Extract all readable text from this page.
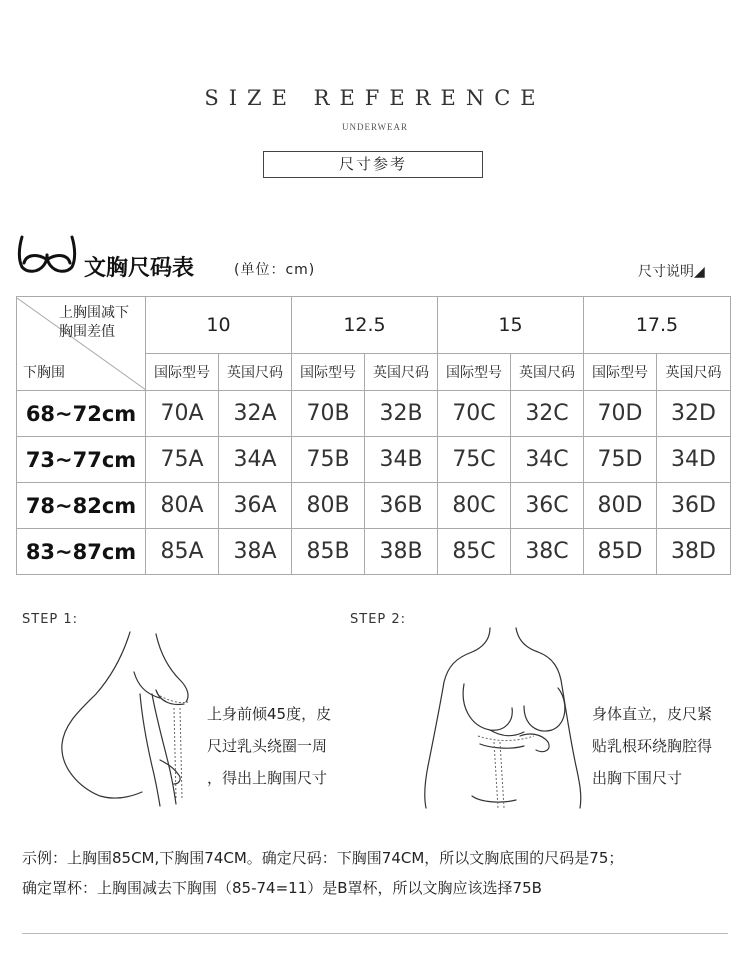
SIZE REFERENCE
UNDERWEAR
尺寸参考
文胸尺码表	(单位：cm)	尺寸说明◢
上胸围减下胸围差值
下胸围	10		12.5		15		17.5	
	国际型号	英国尺码	国际型号	英国尺码	国际型号	英国尺码	国际型号	英国尺码
68~72cm	70A	32A	70B	32B	70C	32C	70D	32D
73~77cm	75A	34A	75B	34B	75C	34C	75D	34D
78~82cm	80A	36A	80B	36B	80C	36C	80D	36D
83~87cm	85A	38A	85B	38B	85C	38C	85D	38D
STEP 1:
上身前倾45度，皮
尺过乳头绕圈一周
，得出上胸围尺寸
STEP 2:
身体直立，皮尺紧
贴乳根环绕胸腔得
出胸下围尺寸
示例：上胸围85CM,下胸围74CM。确定尺码：下胸围74CM，所以文胸底围的尺码是75；
确定罩杯：上胸围减去下胸围（85-74=11）是B罩杯，所以文胸应该选择75B
